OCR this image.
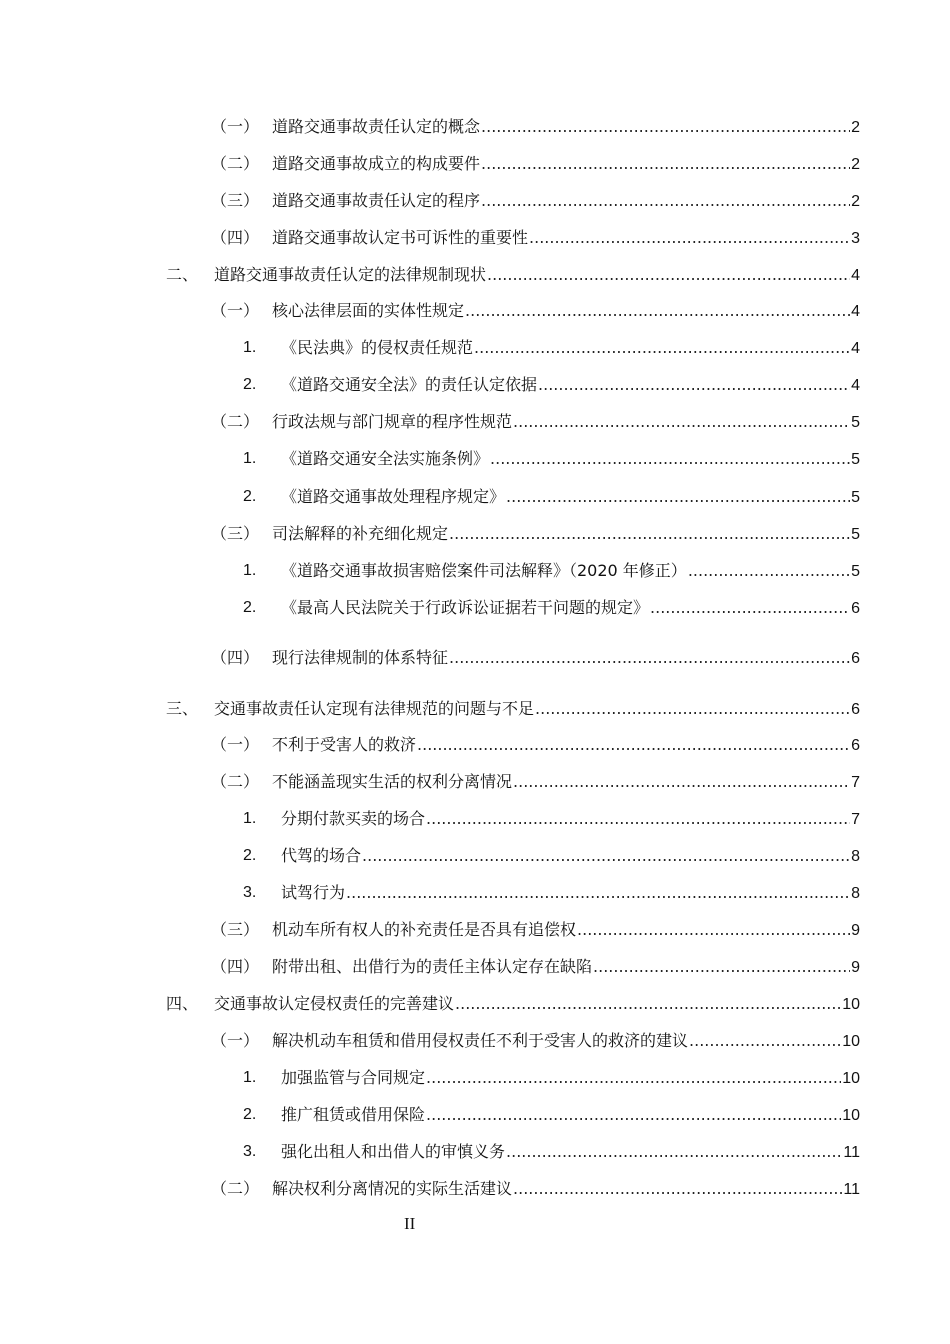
（一） 道路交通事故责任认定的概念 .....	2
（二） 道路交通事故成立的构成要件 .....	2
（三） 道路交通事故责任认定的程序 .....	2
（四） 道路交通事故认定书可诉性的重要性 .....	3
二、 道路交通事故责任认定的法律规制现状 .....	4
（一） 核心法律层面的实体性规定 .....	4
1. 《民法典》的侵权责任规范 .....	4
2. 《道路交通安全法》的责任认定依据 .....	4
（二） 行政法规与部门规章的程序性规范 .....	5
1. 《道路交通安全法实施条例》 .....	5
2. 《道路交通事故处理程序规定》 .....	5
（三） 司法解释的补充细化规定 .....	5
1. 《道路交通事故损害赔偿案件司法解释》（2020 年修正） .....	5
2. 《最高人民法院关于行政诉讼证据若干问题的规定》 .....	6
（四） 现行法律规制的体系特征 .....	6
三、 交通事故责任认定现有法律规范的问题与不足 .....	6
（一） 不利于受害人的救济 .....	6
（二） 不能涵盖现实生活的权利分离情况 .....	7
1. 分期付款买卖的场合 .....	7
2. 代驾的场合 .....	8
3. 试驾行为 .....	8
（三） 机动车所有权人的补充责任是否具有追偿权 .....	9
（四） 附带出租、出借行为的责任主体认定存在缺陷 .....	9
四、 交通事故认定侵权责任的完善建议 .....	10
（一） 解决机动车租赁和借用侵权责任不利于受害人的救济的建议 .....	10
1. 加强监管与合同规定 .....	10
2. 推广租赁或借用保险 .....	10
3. 强化出租人和出借人的审慎义务 .....	11
（二） 解决权利分离情况的实际生活建议 .....	11
II
